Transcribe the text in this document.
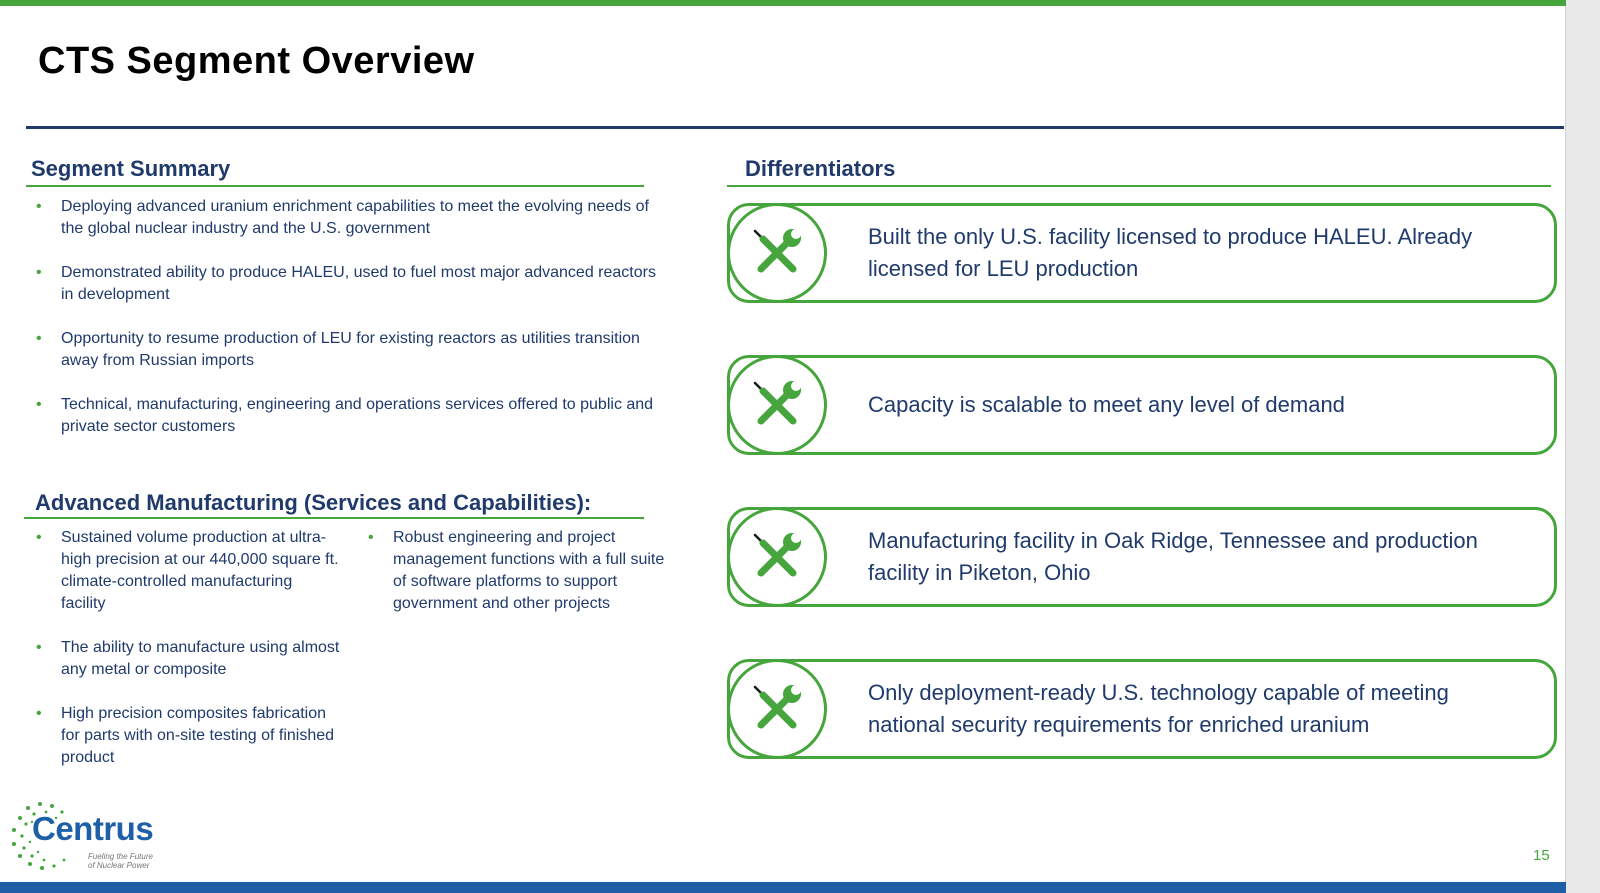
CTS Segment Overview
Segment Summary
• Deploying advanced uranium enrichment capabilities to meet the evolving needs of the global nuclear industry and the U.S. government
• Demonstrated ability to produce HALEU, used to fuel most major advanced reactors in development
• Opportunity to resume production of LEU for existing reactors as utilities transition away from Russian imports
• Technical, manufacturing, engineering and operations services offered to public and private sector customers
Advanced Manufacturing (Services and Capabilities):
• Sustained volume production at ultra-high precision at our 440,000 square ft. climate-controlled manufacturing facility
• The ability to manufacture using almost any metal or composite
• High precision composites fabrication for parts with on-site testing of finished product
• Robust engineering and project management functions with a full suite of software platforms to support government and other projects
Differentiators
Built the only U.S. facility licensed to produce HALEU. Already licensed for LEU production
Capacity is scalable to meet any level of demand
Manufacturing facility in Oak Ridge, Tennessee and production facility in Piketon, Ohio
Only deployment-ready U.S. technology capable of meeting national security requirements for enriched uranium
Centrus
Fueling the Future of Nuclear Power
15
